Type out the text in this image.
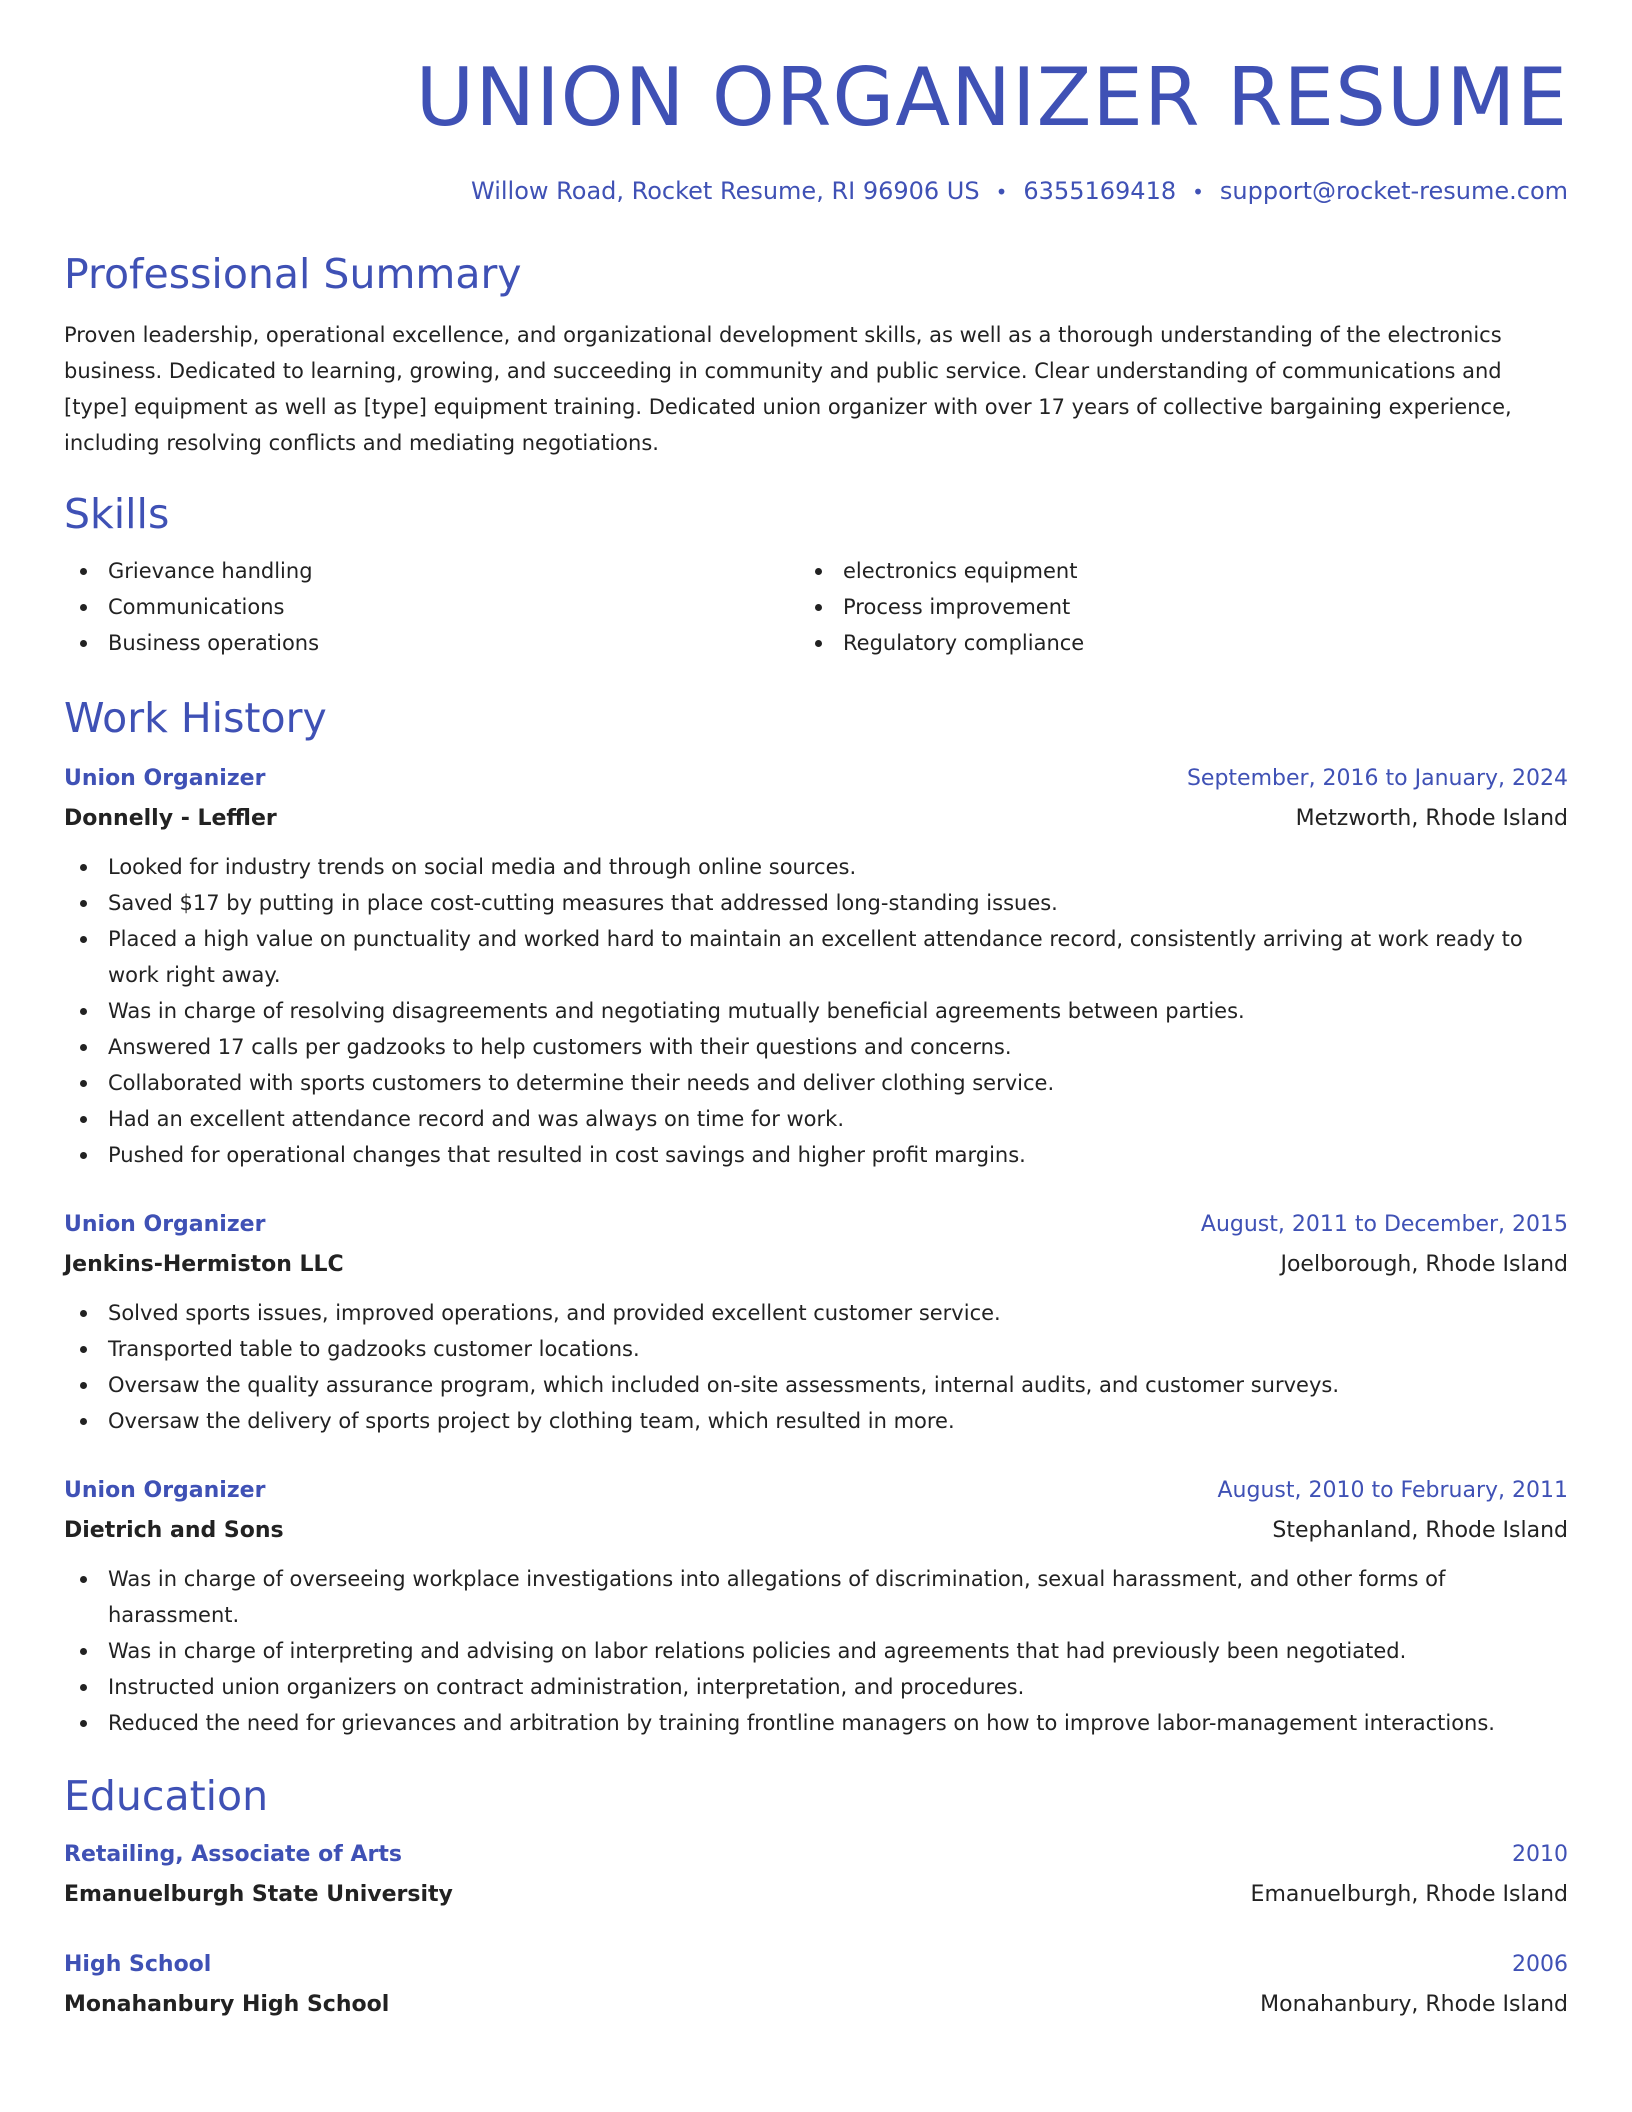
UNION ORGANIZER RESUME
Willow Road, Rocket Resume, RI 96906 US • 6355169418 • support@rocket-resume.com
Professional Summary

Proven leadership, operational excellence, and organizational development skills, as well as a thorough understanding of the electronics business. Dedicated to learning, growing, and succeeding in community and public service. Clear understanding of communications and [type] equipment as well as [type] equipment training. Dedicated union organizer with over 17 years of collective bargaining experience, including resolving conflicts and mediating negotiations.

Skills
Grievance handling
Communications
Business operations
electronics equipment
Process improvement
Regulatory compliance
Work History
Union Organizer	September, 2016 to January, 2024
Donnelly - Leffler	Metzworth, Rhode Island
Looked for industry trends on social media and through online sources.
Saved $17 by putting in place cost-cutting measures that addressed long-standing issues.
Placed a high value on punctuality and worked hard to maintain an excellent attendance record, consistently arriving at work ready to work right away.
Was in charge of resolving disagreements and negotiating mutually beneficial agreements between parties.
Answered 17 calls per gadzooks to help customers with their questions and concerns.
Collaborated with sports customers to determine their needs and deliver clothing service.
Had an excellent attendance record and was always on time for work.
Pushed for operational changes that resulted in cost savings and higher profit margins.
Union Organizer	August, 2011 to December, 2015
Jenkins-Hermiston LLC	Joelborough, Rhode Island
Solved sports issues, improved operations, and provided excellent customer service.
Transported table to gadzooks customer locations.
Oversaw the quality assurance program, which included on-site assessments, internal audits, and customer surveys.
Oversaw the delivery of sports project by clothing team, which resulted in more.
Union Organizer	August, 2010 to February, 2011
Dietrich and Sons	Stephanland, Rhode Island
Was in charge of overseeing workplace investigations into allegations of discrimination, sexual harassment, and other forms of harassment.
Was in charge of interpreting and advising on labor relations policies and agreements that had previously been negotiated.
Instructed union organizers on contract administration, interpretation, and procedures.
Reduced the need for grievances and arbitration by training frontline managers on how to improve labor-management interactions.
Education
Retailing, Associate of Arts	2010
Emanuelburgh State University	Emanuelburgh, Rhode Island
High School	2006
Monahanbury High School	Monahanbury, Rhode Island
